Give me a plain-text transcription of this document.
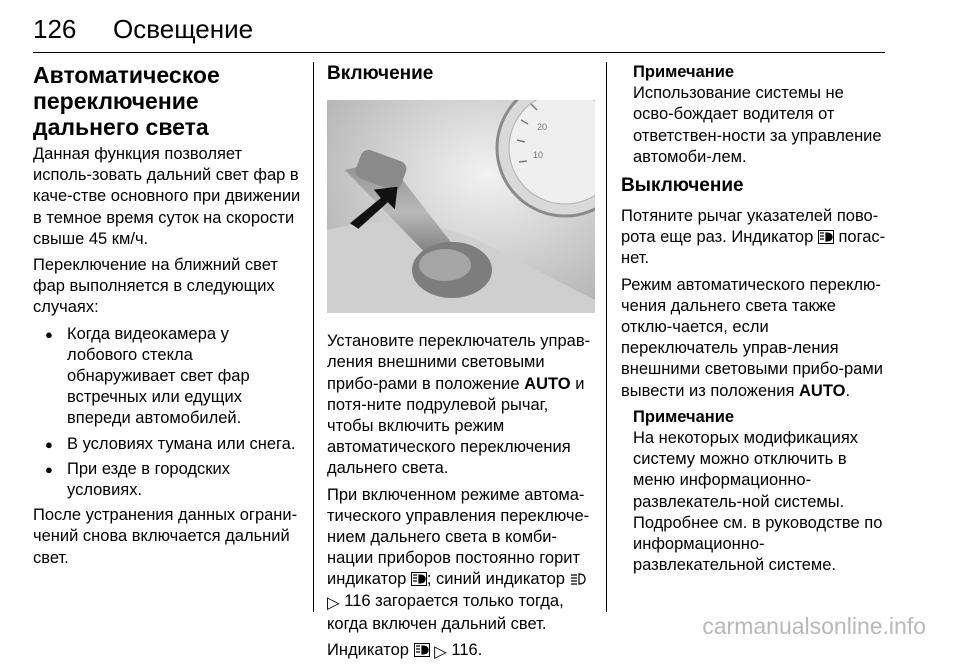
126 Освещение
Автоматическое переключение дальнего света

Данная функция позволяет исполь-зовать дальний свет фар в каче-стве основного при движении в темное время суток на скорости свыше 45 км/ч.

Переключение на ближний свет фар выполняется в следующих случаях:

● Когда видеокамера у лобового стекла обнаруживает свет фар встречных или едущих впереди автомобилей.
● В условиях тумана или снега.
● При езде в городских условиях.

После устранения данных ограни-чений снова включается дальний свет.

Включение
20
10

Установите переключатель управ-ления внешними световыми прибо-рами в положение AUTO и потя-ните подрулевой рычаг, чтобы включить режим автоматического переключения дальнего света.

При включенном режиме автома-тического управления переключе-нием дальнего света в комби-нации приборов постоянно горит индикатор ; синий индикатор
▷ 116 загорается только тогда, когда включен дальний свет.

Индикатор  ▷ 116.

Примечание
Использование системы не осво-бождает водителя от ответствен-ности за управление автомоби-лем.
Выключение

Потяните рычаг указателей пово-рота еще раз. Индикатор  погас-нет.

Режим автоматического переклю-чения дальнего света также отклю-чается, если переключатель управ-ления внешними световыми прибо-рами вывести из положения AUTO.

Примечание
На некоторых модификациях систему можно отключить в меню информационно-развлекатель-ной системы. Подробнее см. в руководстве по информационно-развлекательной системе.
carmanualsonline.info
